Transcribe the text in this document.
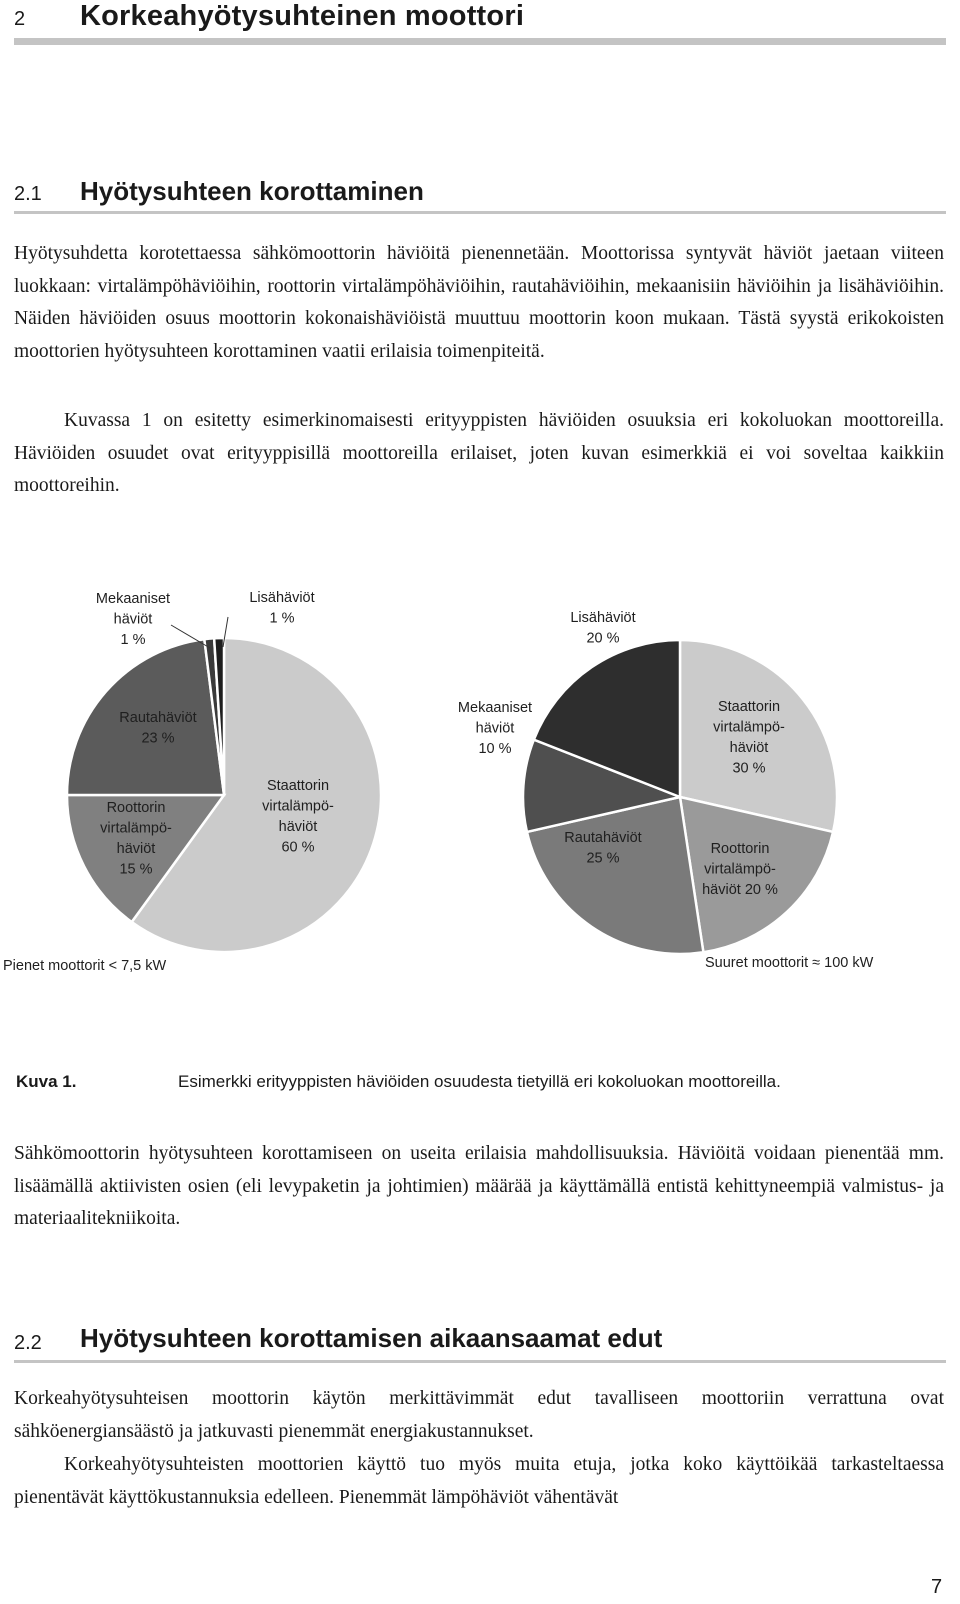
2 Korkeahyötysuhteinen moottori
2.1 Hyötysuhteen korottaminen

Hyötysuhdetta korotettaessa sähkömoottorin häviöitä pienennetään. Moottorissa syntyvät häviöt jaetaan viiteen luokkaan: virtalämpöhäviöihin, roottorin virtalämpöhäviöihin, rautahäviöihin, mekaanisiin häviöihin ja lisähäviöihin. Näiden häviöiden osuus moottorin kokonaishäviöistä muuttuu moottorin koon mukaan. Tästä syystä erikokoisten moottorien hyötysuhteen korottaminen vaatii erilaisia toimenpiteitä.

Kuvassa 1 on esitetty esimerkinomaisesti erityyppisten häviöiden osuuksia eri kokoluokan moottoreilla. Häviöiden osuudet ovat erityyppisillä moottoreilla erilaiset, joten kuvan esimerkkiä ei voi soveltaa kaikkiin moottoreihin.

Staattorin virtalämpö-häviöt 60 %
Roottorin virtalämpö-häviöt 15 %
Rautahäviöt 23 %
Mekaaniset häviöt 1 %
Lisähäviöt 1 %
Staattorin virtalämpö-häviöt 30 %
Roottorin virtalämpö-häviöt 20 %
Rautahäviöt 25 %
Mekaaniset häviöt 10 %
Lisähäviöt 20 %
Pienet moottorit < 7,5 kW	Suuret moottorit ≈ 100 kW
Kuva 1.	Esimerkki erityyppisten häviöiden osuudesta tietyillä eri kokoluokan moottoreilla.

Sähkömoottorin hyötysuhteen korottamiseen on useita erilaisia mahdollisuuksia. Häviöitä voidaan pienentää mm. lisäämällä aktiivisten osien (eli levypaketin ja johtimien) määrää ja käyttämällä entistä kehittyneempiä valmistus- ja materiaalitekniikoita.

2.2 Hyötysuhteen korottamisen aikaansaamat edut

Korkeahyötysuhteisen moottorin käytön merkittävimmät edut tavalliseen moottoriin verrattuna ovat sähköenergiansäästö ja jatkuvasti pienemmät energiakustannukset.

Korkeahyötysuhteisten moottorien käyttö tuo myös muita etuja, jotka koko käyttöikää tarkasteltaessa pienentävät käyttökustannuksia edelleen. Pienemmät lämpöhäviöt vähentävät

7
